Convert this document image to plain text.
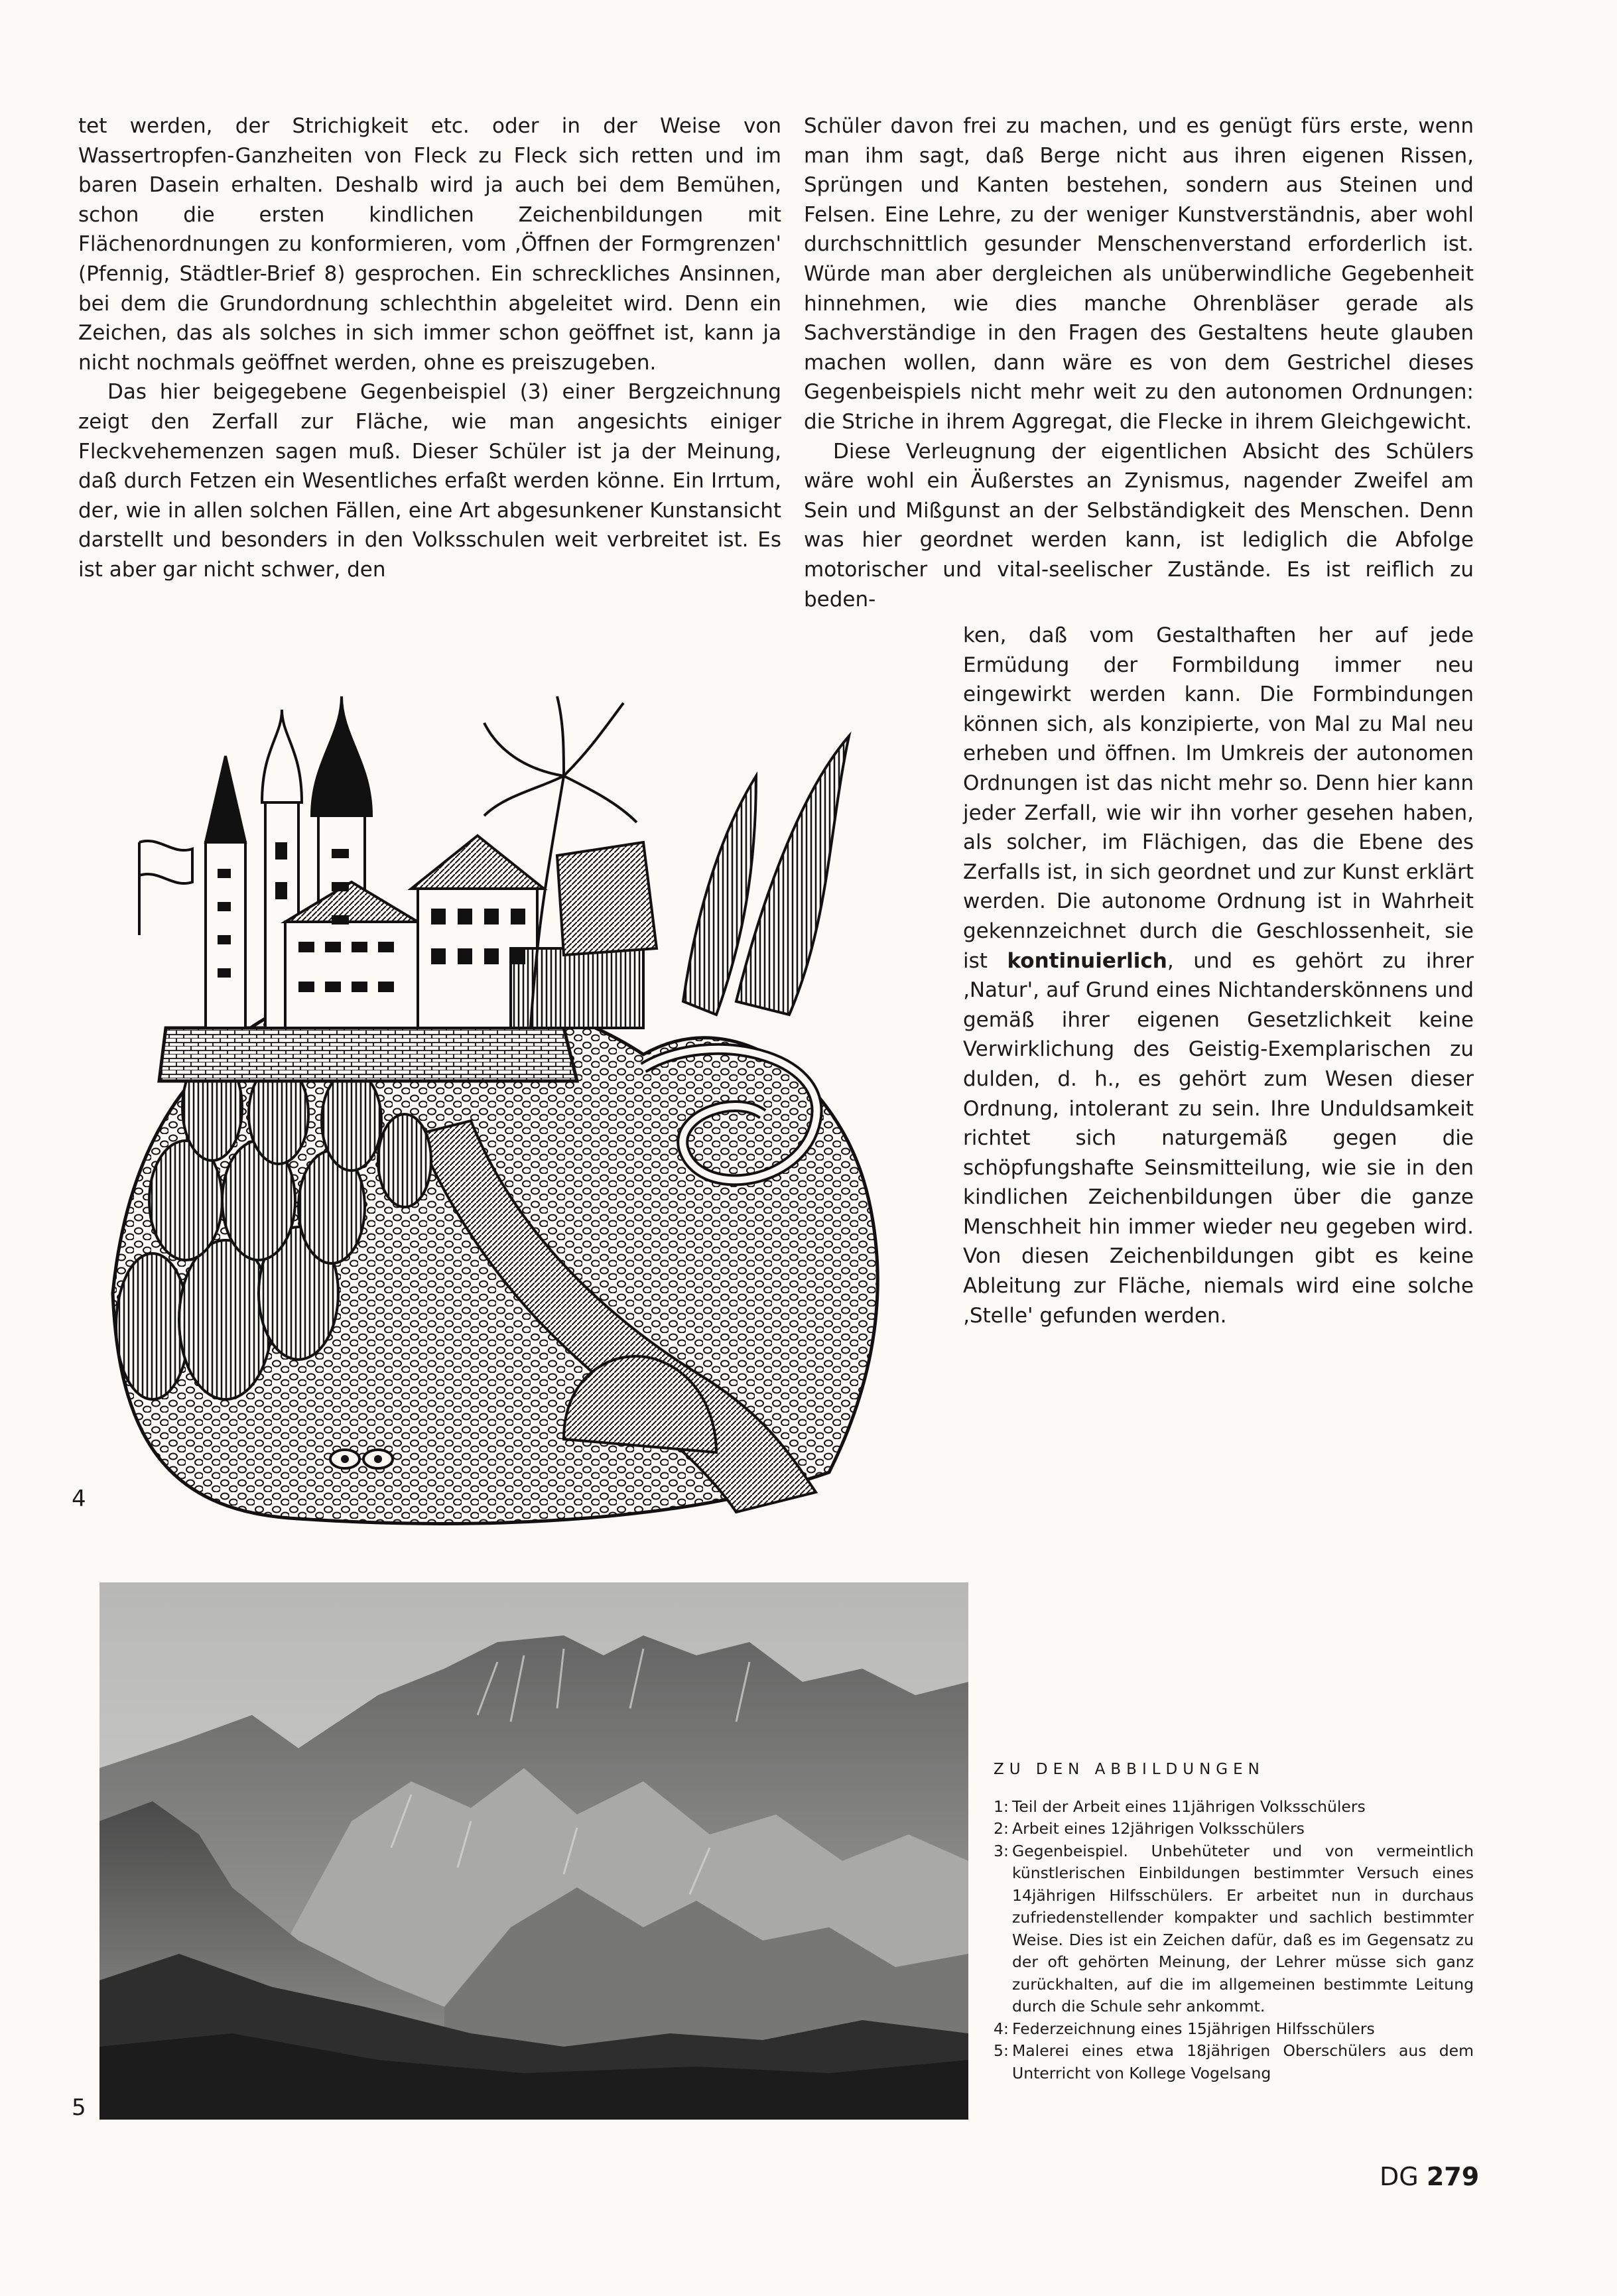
tet werden, der Strichigkeit etc. oder in der Weise von Wassertropfen-Ganzheiten von Fleck zu Fleck sich retten und im baren Dasein erhalten. Deshalb wird ja auch bei dem Bemühen, schon die ersten kindlichen Zeichenbildungen mit Flächenordnungen zu konformieren, vom ‚Öffnen der Formgrenzen' (Pfennig, Städtler-Brief 8) gesprochen. Ein schreckliches Ansinnen, bei dem die Grundordnung schlechthin abgeleitet wird. Denn ein Zeichen, das als solches in sich immer schon geöffnet ist, kann ja nicht nochmals geöffnet werden, ohne es preiszugeben.

Das hier beigegebene Gegenbeispiel (3) einer Bergzeichnung zeigt den Zerfall zur Fläche, wie man angesichts einiger Fleckvehemenzen sagen muß. Dieser Schüler ist ja der Meinung, daß durch Fetzen ein Wesentliches erfaßt werden könne. Ein Irrtum, der, wie in allen solchen Fällen, eine Art abgesunkener Kunstansicht darstellt und besonders in den Volksschulen weit verbreitet ist. Es ist aber gar nicht schwer, den

Schüler davon frei zu machen, und es genügt fürs erste, wenn man ihm sagt, daß Berge nicht aus ihren eigenen Rissen, Sprüngen und Kanten bestehen, sondern aus Steinen und Felsen. Eine Lehre, zu der weniger Kunstverständnis, aber wohl durchschnittlich gesunder Menschenverstand erforderlich ist. Würde man aber dergleichen als unüberwindliche Gegebenheit hinnehmen, wie dies manche Ohrenbläser gerade als Sachverständige in den Fragen des Gestaltens heute glauben machen wollen, dann wäre es von dem Gestrichel dieses Gegenbeispiels nicht mehr weit zu den autonomen Ordnungen: die Striche in ihrem Aggregat, die Flecke in ihrem Gleichgewicht.

Diese Verleugnung der eigentlichen Absicht des Schülers wäre wohl ein Äußerstes an Zynismus, nagender Zweifel am Sein und Mißgunst an der Selbständigkeit des Menschen. Denn was hier geordnet werden kann, ist lediglich die Abfolge motorischer und vital-seelischer Zustände. Es ist reiflich zu beden-

ken, daß vom Gestalthaften her auf jede Ermüdung der Formbildung immer neu eingewirkt werden kann. Die Formbindungen können sich, als konzipierte, von Mal zu Mal neu erheben und öffnen. Im Umkreis der autonomen Ordnungen ist das nicht mehr so. Denn hier kann jeder Zerfall, wie wir ihn vorher gesehen haben, als solcher, im Flächigen, das die Ebene des Zerfalls ist, in sich geordnet und zur Kunst erklärt werden. Die autonome Ordnung ist in Wahrheit gekennzeichnet durch die Geschlossenheit, sie ist kontinuierlich, und es gehört zu ihrer ‚Natur', auf Grund eines Nichtanderskönnens und gemäß ihrer eigenen Gesetzlichkeit keine Verwirklichung des Geistig-Exemplarischen zu dulden, d. h., es gehört zum Wesen dieser Ordnung, intolerant zu sein. Ihre Unduldsamkeit richtet sich naturgemäß gegen die schöpfungshafte Seinsmitteilung, wie sie in den kindlichen Zeichenbildungen über die ganze Menschheit hin immer wieder neu gegeben wird. Von diesen Zeichenbildungen gibt es keine Ableitung zur Fläche, niemals wird eine solche ‚Stelle' gefunden werden.

4
5
ZU DEN ABBILDUNGEN
1: Teil der Arbeit eines 11jährigen Volksschülers
2: Arbeit eines 12jährigen Volksschülers
3: Gegenbeispiel. Unbehüteter und von vermeintlich künstlerischen Einbildungen bestimmter Versuch eines 14jährigen Hilfsschülers. Er arbeitet nun in durchaus zufriedenstellender kompakter und sachlich bestimmter Weise. Dies ist ein Zeichen dafür, daß es im Gegensatz zu der oft gehörten Meinung, der Lehrer müsse sich ganz zurückhalten, auf die im allgemeinen bestimmte Leitung durch die Schule sehr ankommt.
4: Federzeichnung eines 15jährigen Hilfsschülers
5: Malerei eines etwa 18jährigen Oberschülers aus dem Unterricht von Kollege Vogelsang
DG 279
